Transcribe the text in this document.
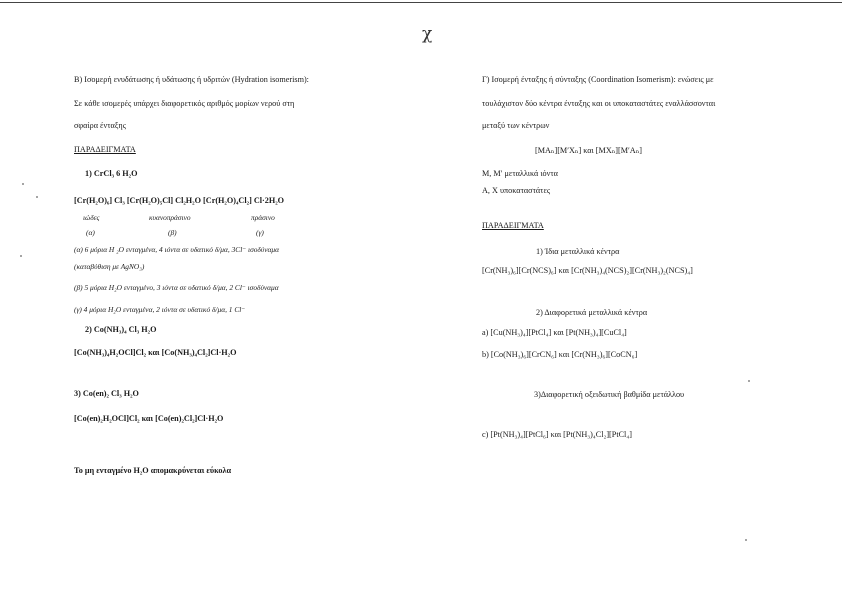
χ
Β) Ισομερή ενυδάτωσης ή υδάτωσης ή υδριτών (Hydration isomerism):
Σε κάθε ισομερές υπάρχει διαφορετικός αριθμός μορίων νερού στη
σφαίρα ένταξης
ΠΑΡΑΔΕΙΓΜΑΤΑ
1) CrCl₃ 6 H₂O
[Cr(H₂O)₆] Cl₃ [Cr(H₂O)₅Cl] Cl₂H₂O [Cr(H₂O)₄Cl₂] Cl·2H₂O
ιώδες	κυανοπράσινο	πράσινο
(α)	(β)	(γ)
(α) 6 μόρια H ₂O ενταγμένα, 4 ιόντα σε υδατικό δ/μα, 3Cl⁻ ισοδύναμα
(καταβύθιση με AgNO₃)
(β) 5 μόρια H₂O ενταγμένο, 3 ιόντα σε υδατικό δ/μα, 2 Cl⁻ ισοδύναμα
(γ) 4 μόρια H₂O ενταγμένα, 2 ιόντα σε υδατικό δ/μα, 1 Cl⁻
2) Co(NH₃)₄ Cl₃ H₂O
[Co(NH₃)₄H₂OCl]Cl₂ και [Co(NH₃)₄Cl₂]Cl·H₂O
3) Co(en)₂ Cl₃ H₂O
[Co(en)₂H₂OCl]Cl₂ και [Co(en)₂Cl₂]Cl·H₂O
Το μη ενταγμένο H₂O απομακρύνεται εύκολα
Γ) Ισομερή ένταξης ή σύνταξης (Coordination Isomerism): ενώσεις με
τουλάχιστον δύο κέντρα ένταξης και οι υποκαταστάτες εναλλάσσονται
μεταξύ των κέντρων
[MAₙ][M′Xₙ] και [MXₙ][M′Aₙ]
M, M′ μεταλλικά ιόντα
A, X υποκαταστάτες
ΠΑΡΑΔΕΙΓΜΑΤΑ
1) Ίδια μεταλλικά κέντρα
[Cr(NH₃)₆][Cr(NCS)₆] και [Cr(NH₃)₄(NCS)₂][Cr(NH₃)₂(NCS)₄]
2) Διαφορετικά μεταλλικά κέντρα
a) [Cu(NH₃)₄][PtCl₄] και [Pt(NH₃)₄][CuCl₄]
b) [Co(NH₃)₆][CrCN₆] και [Cr(NH₃)₆][CoCN₆]
3)Διαφορετική οξειδωτική βαθμίδα μετάλλου
c) [Pt(NH₃)₄][PtCl₆] και [Pt(NH₃)₄Cl₂][PtCl₄]
